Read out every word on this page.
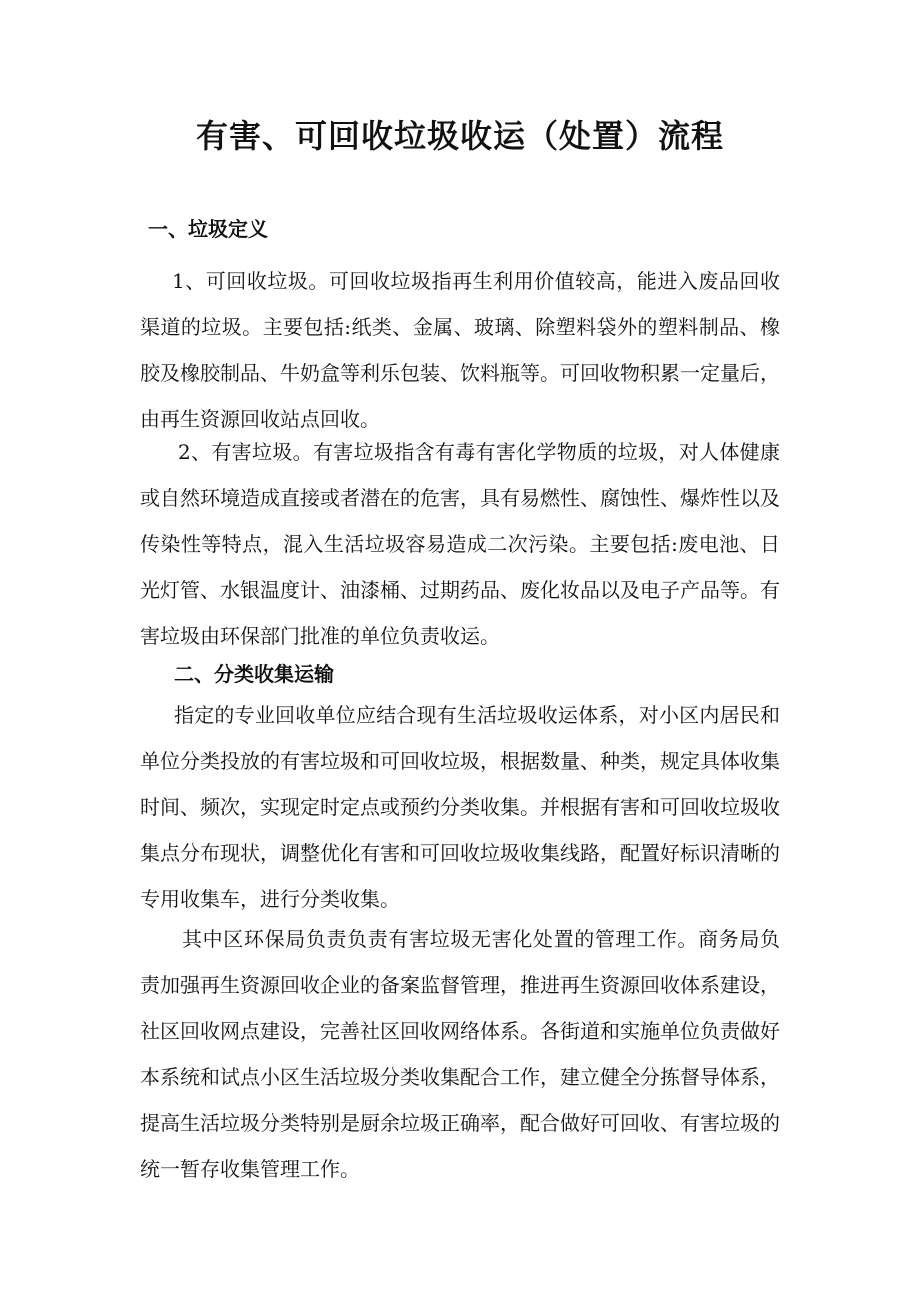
有害、可回收垃圾收运（处置）流程
一、垃圾定义

1、可回收垃圾。可回收垃圾指再生利用价值较高，能进入废品回收渠道的垃圾。主要包括:纸类、金属、玻璃、除塑料袋外的塑料制品、橡胶及橡胶制品、牛奶盒等利乐包装、饮料瓶等。可回收物积累一定量后，由再生资源回收站点回收。

2、有害垃圾。有害垃圾指含有毒有害化学物质的垃圾，对人体健康或自然环境造成直接或者潜在的危害，具有易燃性、腐蚀性、爆炸性以及传染性等特点，混入生活垃圾容易造成二次污染。主要包括:废电池、日光灯管、水银温度计、油漆桶、过期药品、废化妆品以及电子产品等。有害垃圾由环保部门批准的单位负责收运。

二、分类收集运输

指定的专业回收单位应结合现有生活垃圾收运体系，对小区内居民和单位分类投放的有害垃圾和可回收垃圾，根据数量、种类，规定具体收集时间、频次，实现定时定点或预约分类收集。并根据有害和可回收垃圾收集点分布现状，调整优化有害和可回收垃圾收集线路，配置好标识清晰的专用收集车，进行分类收集。

其中区环保局负责负责有害垃圾无害化处置的管理工作。商务局负责加强再生资源回收企业的备案监督管理，推进再生资源回收体系建设，社区回收网点建设，完善社区回收网络体系。各街道和实施单位负责做好本系统和试点小区生活垃圾分类收集配合工作，建立健全分拣督导体系，提高生活垃圾分类特别是厨余垃圾正确率，配合做好可回收、有害垃圾的统一暂存收集管理工作。
